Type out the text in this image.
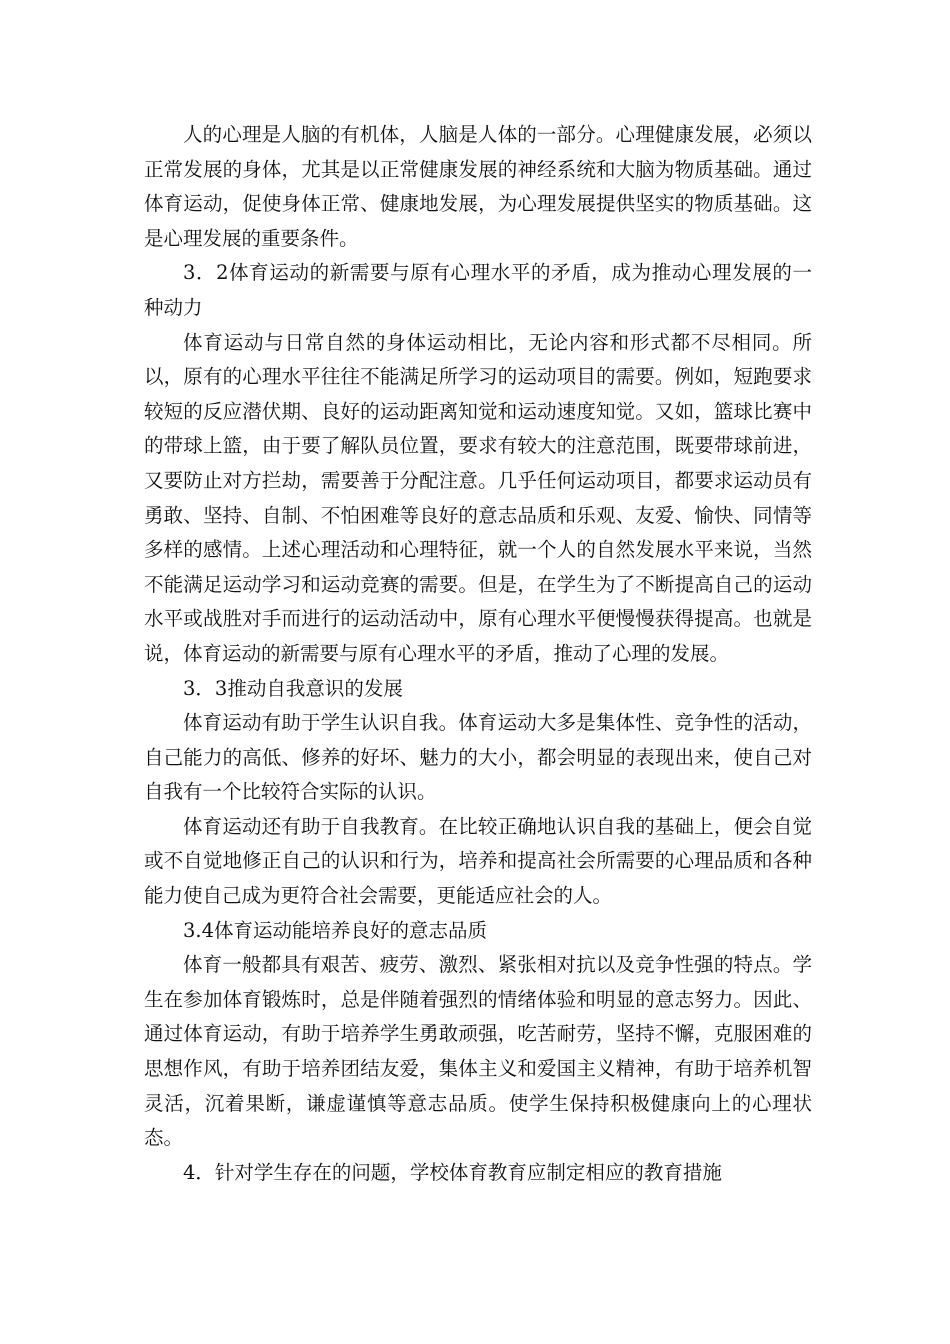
人的心理是人脑的有机体，人脑是人体的一部分。心理健康发展，必须以正常发展的身体，尤其是以正常健康发展的神经系统和大脑为物质基础。通过体育运动，促使身体正常、健康地发展，为心理发展提供坚实的物质基础。这是心理发展的重要条件。

3．2体育运动的新需要与原有心理水平的矛盾，成为推动心理发展的一种动力

体育运动与日常自然的身体运动相比，无论内容和形式都不尽相同。所以，原有的心理水平往往不能满足所学习的运动项目的需要。例如，短跑要求较短的反应潜伏期、良好的运动距离知觉和运动速度知觉。又如，篮球比赛中的带球上篮，由于要了解队员位置，要求有较大的注意范围，既要带球前进，又要防止对方拦劫，需要善于分配注意。几乎任何运动项目，都要求运动员有勇敢、坚持、自制、不怕困难等良好的意志品质和乐观、友爱、愉快、同情等多样的感情。上述心理活动和心理特征，就一个人的自然发展水平来说，当然不能满足运动学习和运动竞赛的需要。但是，在学生为了不断提高自己的运动水平或战胜对手而进行的运动活动中，原有心理水平便慢慢获得提高。也就是说，体育运动的新需要与原有心理水平的矛盾，推动了心理的发展。

3．3推动自我意识的发展

体育运动有助于学生认识自我。体育运动大多是集体性、竞争性的活动，自己能力的高低、修养的好坏、魅力的大小，都会明显的表现出来，使自己对自我有一个比较符合实际的认识。

体育运动还有助于自我教育。在比较正确地认识自我的基础上，便会自觉或不自觉地修正自己的认识和行为，培养和提高社会所需要的心理品质和各种能力使自己成为更符合社会需要，更能适应社会的人。

3.4体育运动能培养良好的意志品质

体育一般都具有艰苦、疲劳、激烈、紧张相对抗以及竞争性强的特点。学生在参加体育锻炼时，总是伴随着强烈的情绪体验和明显的意志努力。因此、通过体育运动，有助于培养学生勇敢顽强，吃苦耐劳，坚持不懈，克服困难的思想作风，有助于培养团结友爱，集体主义和爱国主义精神，有助于培养机智灵活，沉着果断，谦虚谨慎等意志品质。使学生保持积极健康向上的心理状态。

4．针对学生存在的问题，学校体育教育应制定相应的教育措施
